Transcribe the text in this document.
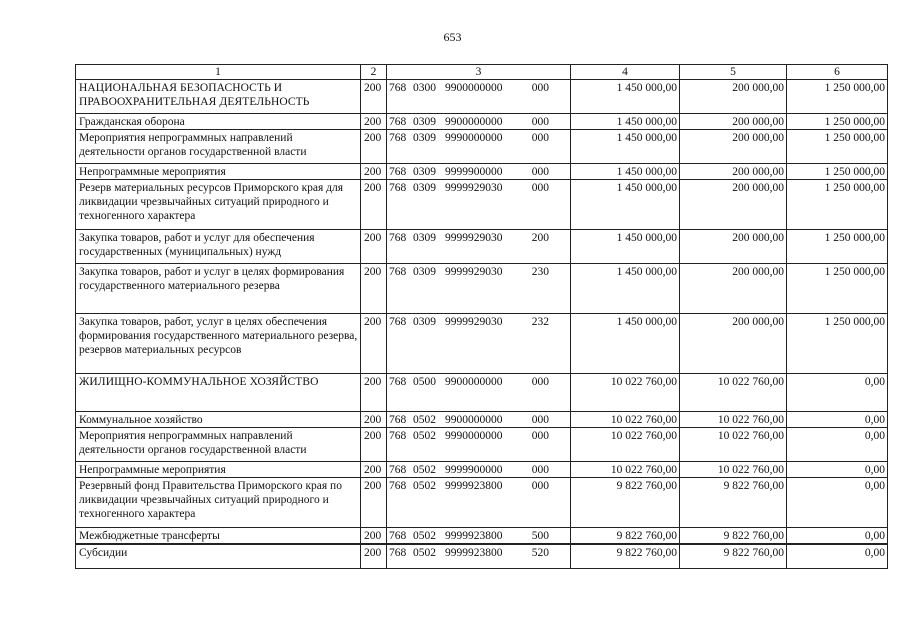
653
1	2	3	4	5	6
НАЦИОНАЛЬНАЯ БЕЗОПАСНОСТЬ И ПРАВООХРАНИТЕЛЬНАЯ ДЕЯТЕЛЬНОСТЬ	200	768 0300 9900000000 000	1 450 000,00	200 000,00	1 250 000,00
Гражданская оборона	200	768 0309 9900000000 000	1 450 000,00	200 000,00	1 250 000,00
Мероприятия непрограммных направлений деятельности органов государственной власти	200	768 0309 9990000000 000	1 450 000,00	200 000,00	1 250 000,00
Непрограммные мероприятия	200	768 0309 9999900000 000	1 450 000,00	200 000,00	1 250 000,00
Резерв материальных ресурсов Приморского края для ликвидации чрезвычайных ситуаций природного и техногенного характера	200	768 0309 9999929030 000	1 450 000,00	200 000,00	1 250 000,00
Закупка товаров, работ и услуг для обеспечения государственных (муниципальных) нужд	200	768 0309 9999929030 200	1 450 000,00	200 000,00	1 250 000,00
Закупка товаров, работ и услуг в целях формирования государственного материального резерва	200	768 0309 9999929030 230	1 450 000,00	200 000,00	1 250 000,00
Закупка товаров, работ, услуг в целях обеспечения формирования государственного материального резерва, резервов материальных ресурсов	200	768 0309 9999929030 232	1 450 000,00	200 000,00	1 250 000,00
ЖИЛИЩНО-КОММУНАЛЬНОЕ ХОЗЯЙСТВО	200	768 0500 9900000000 000	10 022 760,00	10 022 760,00	0,00
Коммунальное хозяйство	200	768 0502 9900000000 000	10 022 760,00	10 022 760,00	0,00
Мероприятия непрограммных направлений деятельности органов государственной власти	200	768 0502 9990000000 000	10 022 760,00	10 022 760,00	0,00
Непрограммные мероприятия	200	768 0502 9999900000 000	10 022 760,00	10 022 760,00	0,00
Резервный фонд Правительства Приморского края по ликвидации чрезвычайных ситуаций природного и техногенного характера	200	768 0502 9999923800 000	9 822 760,00	9 822 760,00	0,00
Межбюджетные трансферты	200	768 0502 9999923800 500	9 822 760,00	9 822 760,00	0,00
Субсидии	200	768 0502 9999923800 520	9 822 760,00	9 822 760,00	0,00
